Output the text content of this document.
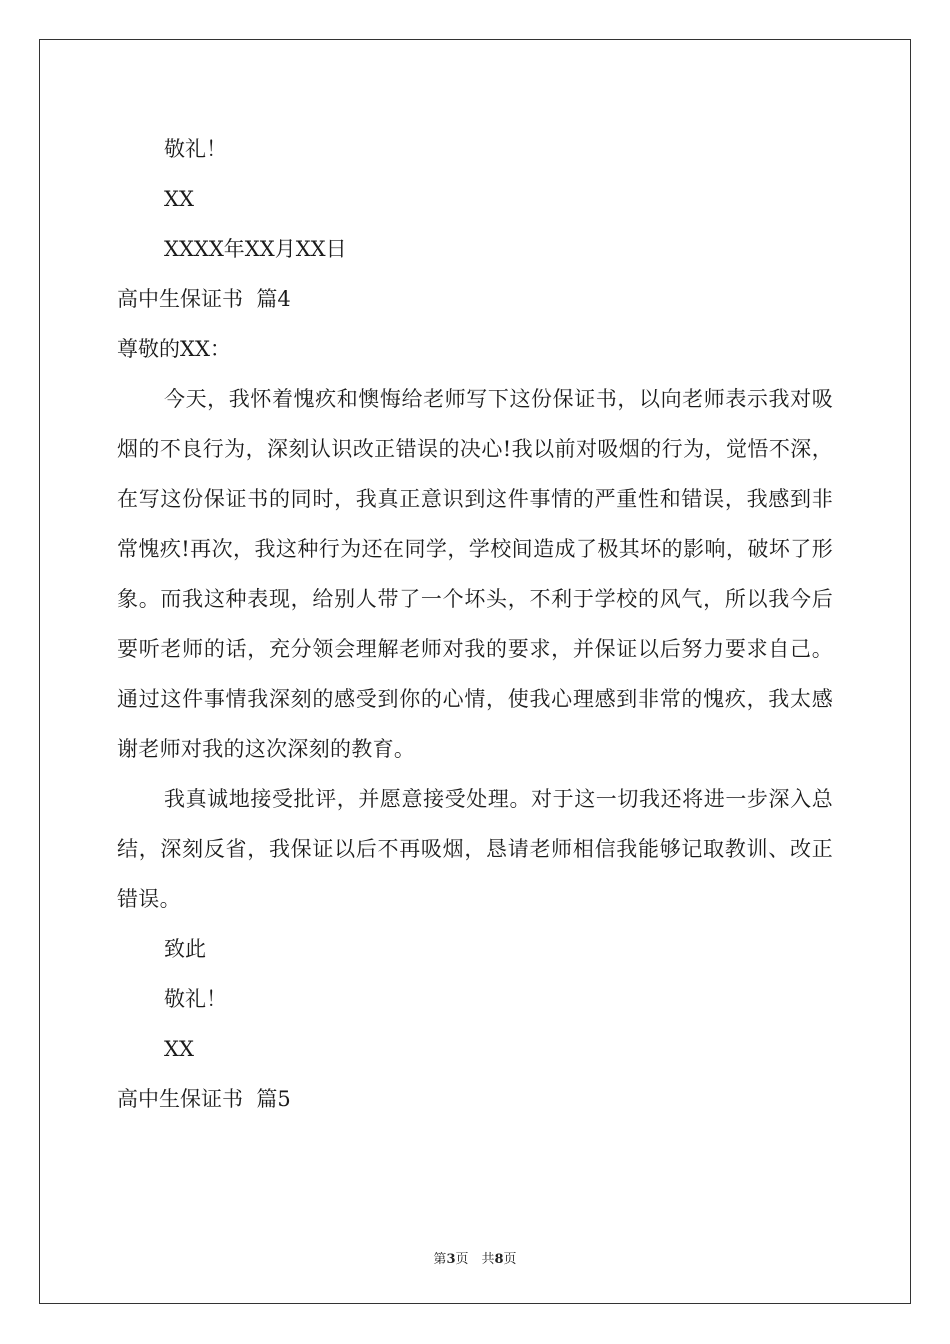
敬礼！
XX
XXXX年XX月XX日
高中生保证书  篇4
尊敬的XX：
今天，我怀着愧疚和懊悔给老师写下这份保证书，以向老师表示我对吸烟的不良行为，深刻认识改正错误的决心!我以前对吸烟的行为，觉悟不深，在写这份保证书的同时，我真正意识到这件事情的严重性和错误，我感到非常愧疚!再次，我这种行为还在同学，学校间造成了极其坏的影响，破坏了形象。而我这种表现，给别人带了一个坏头，不利于学校的风气，所以我今后要听老师的话，充分领会理解老师对我的要求，并保证以后努力要求自己。通过这件事情我深刻的感受到你的心情，使我心理感到非常的愧疚，我太感谢老师对我的这次深刻的教育。
我真诚地接受批评，并愿意接受处理。对于这一切我还将进一步深入总结，深刻反省，我保证以后不再吸烟，恳请老师相信我能够记取教训、改正错误。
致此
敬礼！
XX
高中生保证书  篇5
第3页　共8页
